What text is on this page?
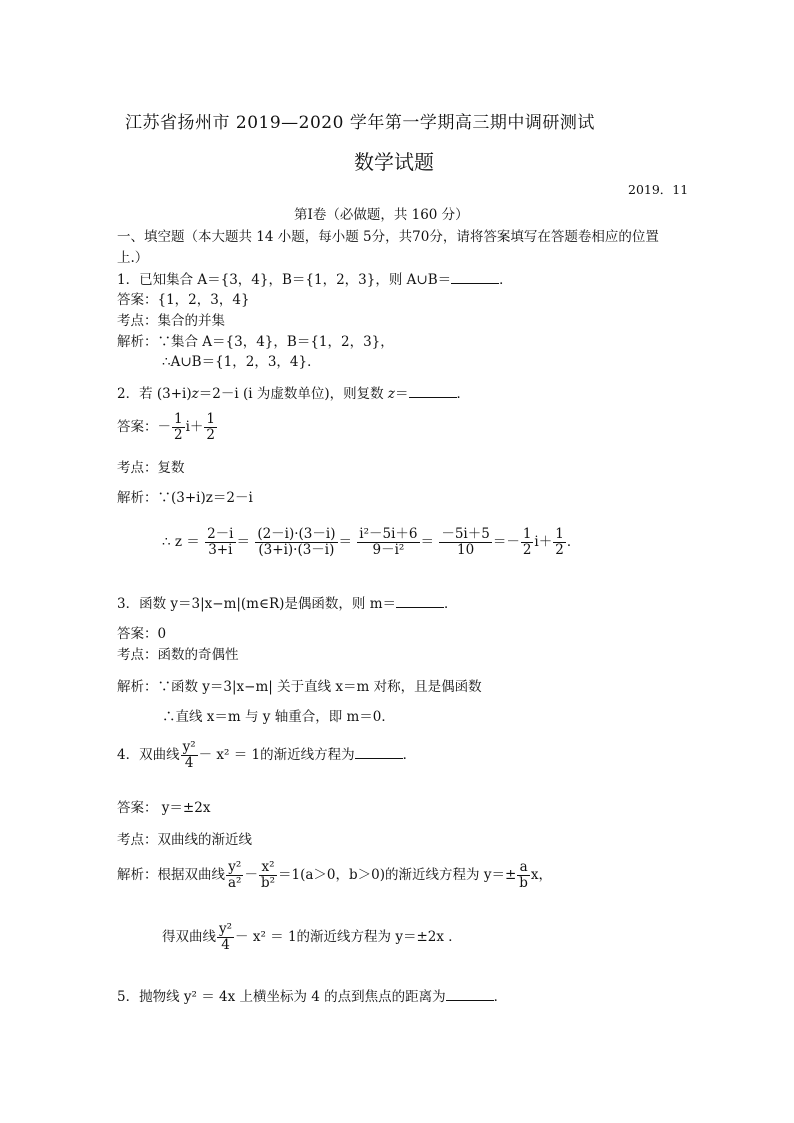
江苏省扬州市 2019—2020 学年第一学期高三期中调研测试
数学试题
2019．11
第Ⅰ卷（必做题，共 160 分）
一、填空题（本大题共 14 小题，每小题 5分，共70分，请将答案填写在答题卷相应的位置
上.）
1．已知集合 A＝{3，4}，B＝{1，2，3}，则 A∪B＝	．
答案：{1，2，3，4}
考点：集合的并集
解析：∵集合 A＝{3，4}，B＝{1，2，3}，
∴A∪B＝{1，2，3，4}．
2．若 (3+i)z＝2－i (i 为虚数单位)，则复数 z＝	．
答案：－ $\frac{1}{2} i+ \frac{1}{2}$
考点：复数
解析：∵(3+i)z＝2－i
∴ $z = \frac{2-i}{3+i} = \frac{(2-i)\cdot(3-i)}{(3+i)\cdot(3-i)} = \frac{\text{i²－5i＋6}}{\text{9－i²}} = \frac{-5i+5}{10} =- \frac{1}{2} i+ \frac{1}{2}$ ．
3．函数 y＝3|x−m|(m∈R)是偶函数，则 m＝	．
答案：0
考点：函数的奇偶性
解析：∵函数 y＝3|x−m| 关于直线 x＝m 对称，且是偶函数
∴直线 x＝m 与 y 轴重合，即 m＝0．
4．双曲线 $\frac{\text{y²}}{4} - x^2 = 1$的渐近线方程为	．
答案： y＝±2x
考点：双曲线的渐近线
解析：根据双曲线 $\frac{\text{y²}}{\text{a²}} - \frac{\text{x²}}{\text{b²}} =1(a>0$，b＞0)的渐近线方程为 $y=\pm \frac{a}{b}$ x，
得双曲线 $\frac{\text{y²}}{4} - x^2 = 1$的渐近线方程为 y＝±2x ．
5．抛物线 y² ＝ 4x 上横坐标为 4 的点到焦点的距离为	．
